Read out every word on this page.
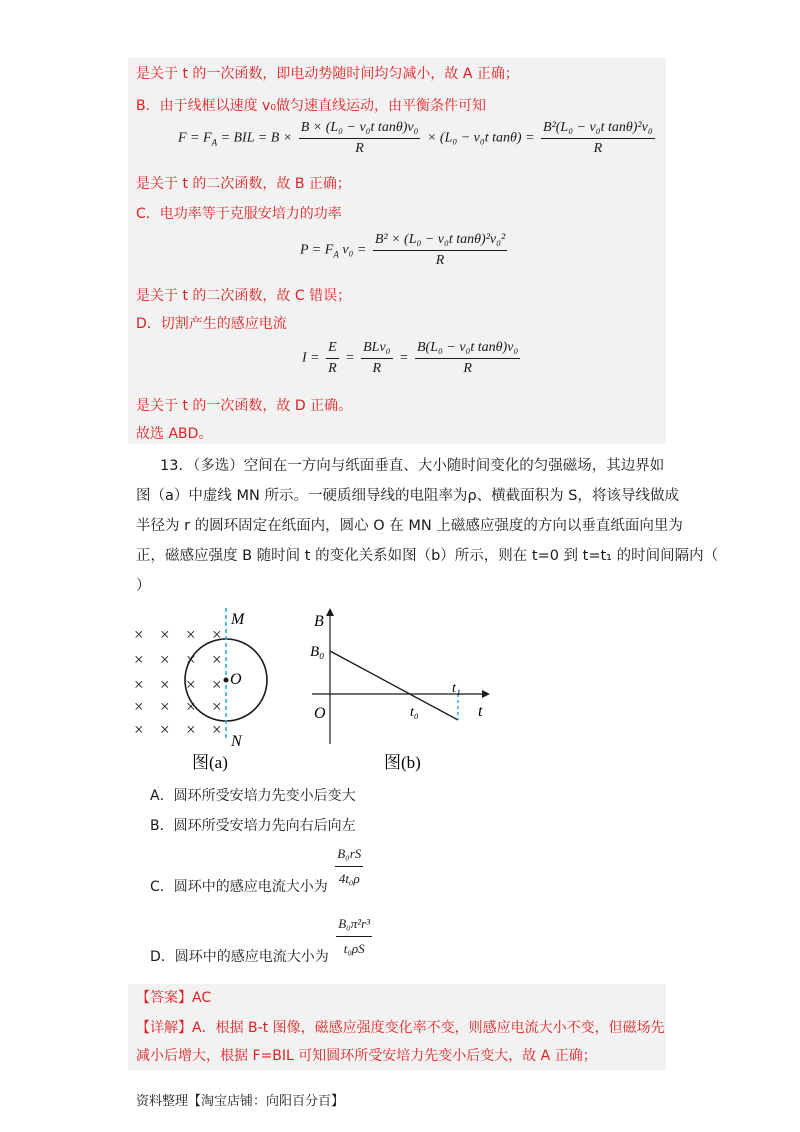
是关于 t 的一次函数，即电动势随时间均匀减小，故 A 正确；
B．由于线框以速度 v₀做匀速直线运动，由平衡条件可知
$F = F_A$ = BIL = $B \times \frac{\text{B × (L₀ − v₀t tanθ)v₀}}{R} \times (L_0 - v_0t$ $\tan\theta) = \frac{\text{B²(L₀ − v₀t tanθ)²v₀}}{R}$
是关于 t 的二次函数，故 B 正确；
C．电功率等于克服安培力的功率
$P = F_A$ $v_0 = \frac{\text{B² × (L₀ − v₀t tanθ)²v₀²}}{R}$
是关于 t 的二次函数，故 C 错误；
D．切割产生的感应电流
$I = \frac{E}{R} = \frac{\text{BLv₀}}{R} = \frac{\text{B(L₀ − v₀t tanθ)v₀}}{R}$
是关于 t 的一次函数，故 D 正确。
故选 ABD。
13．（多选）空间在一方向与纸面垂直、大小随时间变化的匀强磁场，其边界如
图（a）中虚线 MN 所示。一硬质细导线的电阻率为ρ、横截面积为 S，将该导线做成
半径为 r 的圆环固定在纸面内，圆心 O 在 MN 上磁感应强度的方向以垂直纸面向里为
正，磁感应强度 B 随时间 t 的变化关系如图（b）所示，则在 t=0 到 t=t₁ 的时间间隔内（
）
× × × ×
× × × ×
× × × ×
× × × ×
× × × ×
O
M
N
图(a)
B
B₀
O	t₀
t₁
t
图(b)
A．圆环所受安培力先变小后变大
B．圆环所受安培力先向右后向左
C．圆环中的感应电流大小为 $\frac{\text{B₀rS}}{\text{4t₀ρ}}$
D．圆环中的感应电流大小为 $\frac{\text{B₀π²r³}}{\text{t₀ρS}}$
【答案】AC
【详解】A．根据 B-t 图像，磁感应强度变化率不变，则感应电流大小不变，但磁场先
减小后增大，根据 F=BIL 可知圆环所受安培力先变小后变大，故 A 正确；
资料整理【淘宝店铺：向阳百分百】
